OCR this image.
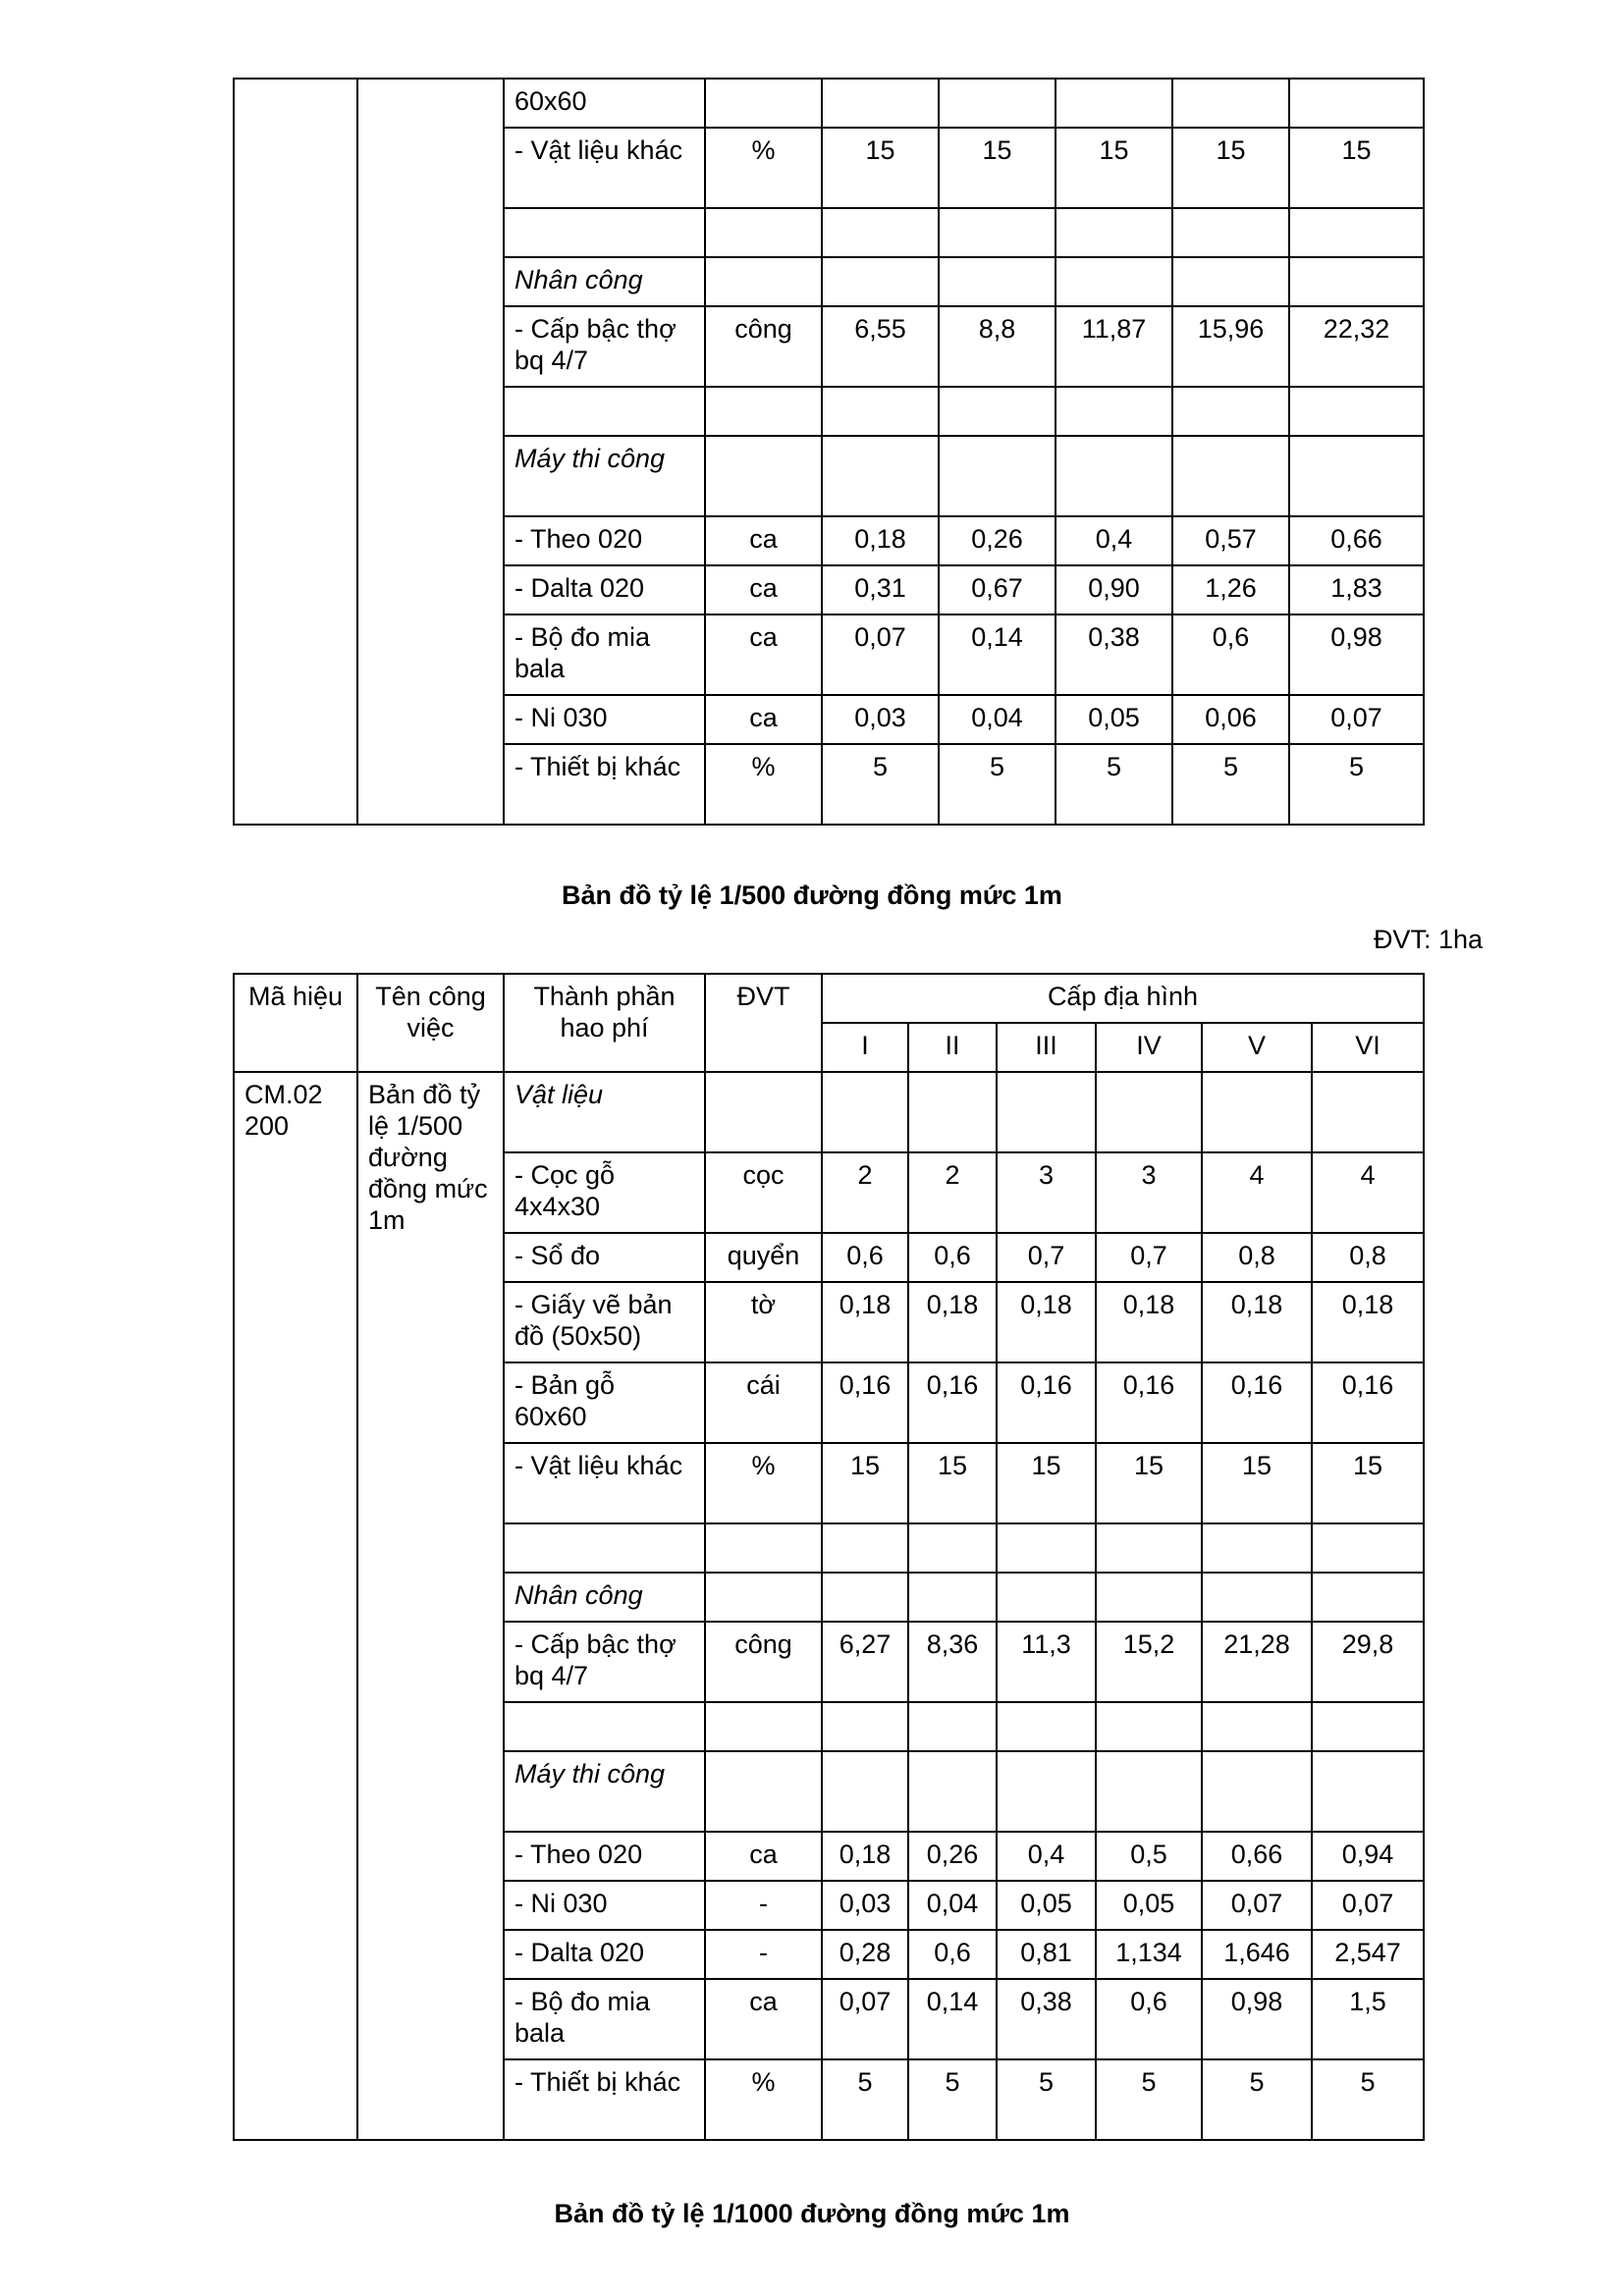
		60x60						
		- Vật liệu khác	%	15	15	15	15	15

		Nhân công						
		- Cấp bậc thợ bq 4/7	công	6,55	8,8	11,87	15,96	22,32

		Máy thi công						
		- Theo 020	ca	0,18	0,26	0,4	0,57	0,66
		- Dalta 020	ca	0,31	0,67	0,90	1,26	1,83
		- Bộ đo mia bala	ca	0,07	0,14	0,38	0,6	0,98
		- Ni 030	ca	0,03	0,04	0,05	0,06	0,07
		- Thiết bị khác	%	5	5	5	5	5
Bản đồ tỷ lệ 1/500 đường đồng mức 1m
ĐVT: 1ha
Mã hiệu	Tên công việc	Thành phần hao phí	ĐVT	Cấp địa hình					
				I	II	III	IV	V	VI
CM.02 200	Bản đồ tỷ lệ 1/500 đường đồng mức 1m	Vật liệu							
		- Cọc gỗ 4x4x30	cọc	2	2	3	3	4	4
		- Sổ đo	quyển	0,6	0,6	0,7	0,7	0,8	0,8
		- Giấy vẽ bản đồ (50x50)	tờ	0,18	0,18	0,18	0,18	0,18	0,18
		- Bản gỗ 60x60	cái	0,16	0,16	0,16	0,16	0,16	0,16
		- Vật liệu khác	%	15	15	15	15	15	15

		Nhân công							
		- Cấp bậc thợ bq 4/7	công	6,27	8,36	11,3	15,2	21,28	29,8

		Máy thi công							
		- Theo 020	ca	0,18	0,26	0,4	0,5	0,66	0,94
		- Ni 030	-	0,03	0,04	0,05	0,05	0,07	0,07
		- Dalta 020	-	0,28	0,6	0,81	1,134	1,646	2,547
		- Bộ đo mia bala	ca	0,07	0,14	0,38	0,6	0,98	1,5
		- Thiết bị khác	%	5	5	5	5	5	5
Bản đồ tỷ lệ 1/1000 đường đồng mức 1m
